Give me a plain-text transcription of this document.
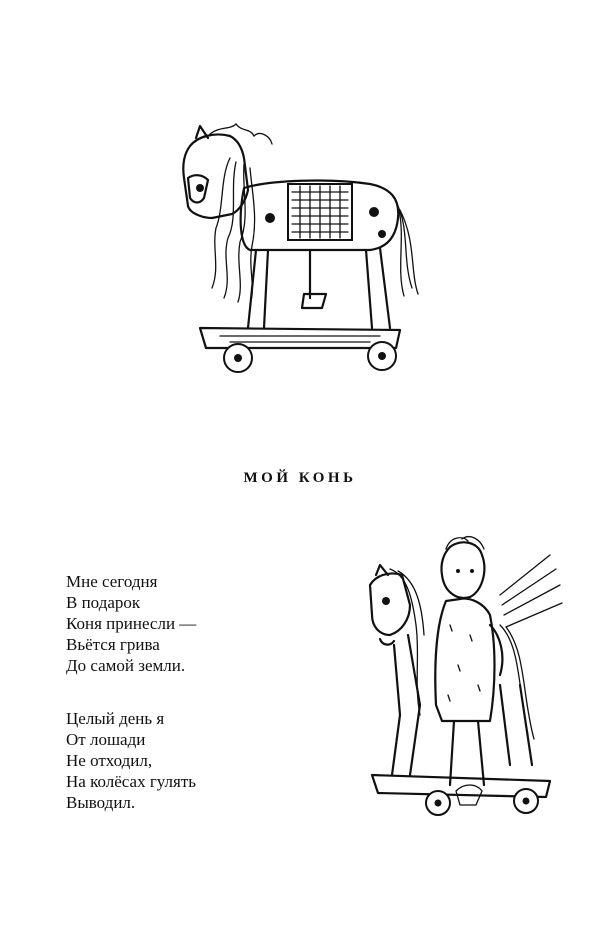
МОЙ КОНЬ
Мне сегодня
В подарок
Коня принесли —
Вьётся грива
До самой земли.
Целый день я
От лошади
Не отходил,
На колёсах гулять
Выводил.
